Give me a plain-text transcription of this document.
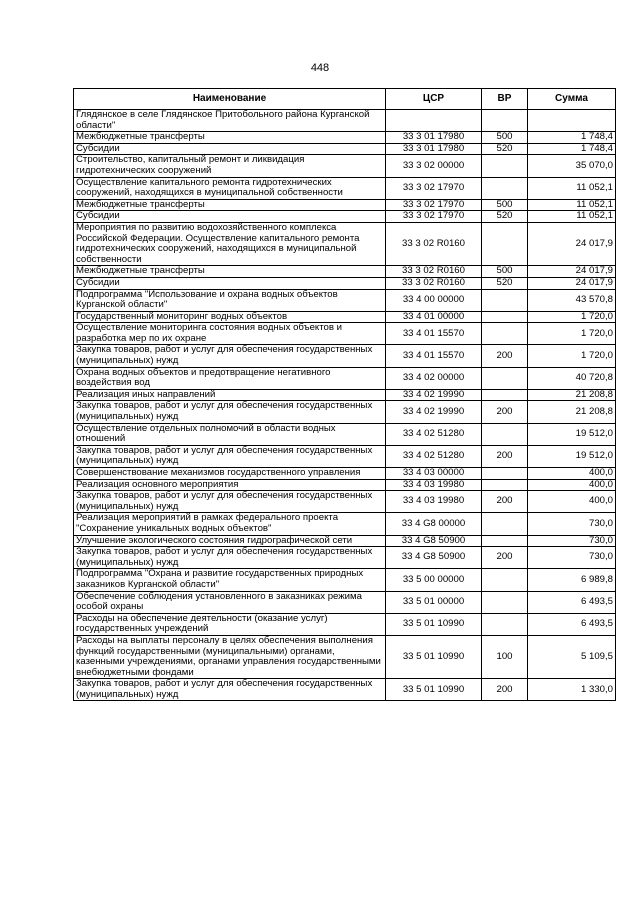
448
Наименование	ЦСР	ВР	Сумма
Глядянское в селе Глядянское Притобольного района Курганской области"			
Межбюджетные трансферты	33 3 01 17980	500	1 748,4
Субсидии	33 3 01 17980	520	1 748,4
Строительство, капитальный ремонт и ликвидация гидротехнических сооружений	33 3 02 00000		35 070,0
Осуществление капитального ремонта гидротехнических сооружений, находящихся в муниципальной собственности	33 3 02 17970		11 052,1
Межбюджетные трансферты	33 3 02 17970	500	11 052,1
Субсидии	33 3 02 17970	520	11 052,1
Мероприятия по развитию водохозяйственного комплекса Российской Федерации. Осуществление капитального ремонта гидротехнических сооружений, находящихся в муниципальной собственности	33 3 02 R0160		24 017,9
Межбюджетные трансферты	33 3 02 R0160	500	24 017,9
Субсидии	33 3 02 R0160	520	24 017,9
Подпрограмма "Использование и охрана водных объектов Курганской области"	33 4 00 00000		43 570,8
Государственный мониторинг водных объектов	33 4 01 00000		1 720,0
Осуществление мониторинга состояния водных объектов и разработка мер по их охране	33 4 01 15570		1 720,0
Закупка товаров, работ и услуг для обеспечения государственных (муниципальных) нужд	33 4 01 15570	200	1 720,0
Охрана водных объектов и предотвращение негативного воздействия вод	33 4 02 00000		40 720,8
Реализация иных направлений	33 4 02 19990		21 208,8
Закупка товаров, работ и услуг для обеспечения государственных (муниципальных) нужд	33 4 02 19990	200	21 208,8
Осуществление отдельных полномочий в области водных отношений	33 4 02 51280		19 512,0
Закупка товаров, работ и услуг для обеспечения государственных (муниципальных) нужд	33 4 02 51280	200	19 512,0
Совершенствование механизмов государственного управления	33 4 03 00000		400,0
Реализация основного мероприятия	33 4 03 19980		400,0
Закупка товаров, работ и услуг для обеспечения государственных (муниципальных) нужд	33 4 03 19980	200	400,0
Реализация мероприятий в рамках федерального проекта "Сохранение уникальных водных объектов"	33 4 G8 00000		730,0
Улучшение экологического состояния гидрографической сети	33 4 G8 50900		730,0
Закупка товаров, работ и услуг для обеспечения государственных (муниципальных) нужд	33 4 G8 50900	200	730,0
Подпрограмма "Охрана и развитие государственных природных заказников Курганской области"	33 5 00 00000		6 989,8
Обеспечение соблюдения установленного в заказниках режима особой охраны	33 5 01 00000		6 493,5
Расходы на обеспечение деятельности (оказание услуг) государственных учреждений	33 5 01 10990		6 493,5
Расходы на выплаты персоналу в целях обеспечения выполнения функций государственными (муниципальными) органами, казенными учреждениями, органами управления государственными внебюджетными фондами	33 5 01 10990	100	5 109,5
Закупка товаров, работ и услуг для обеспечения государственных (муниципальных) нужд	33 5 01 10990	200	1 330,0
